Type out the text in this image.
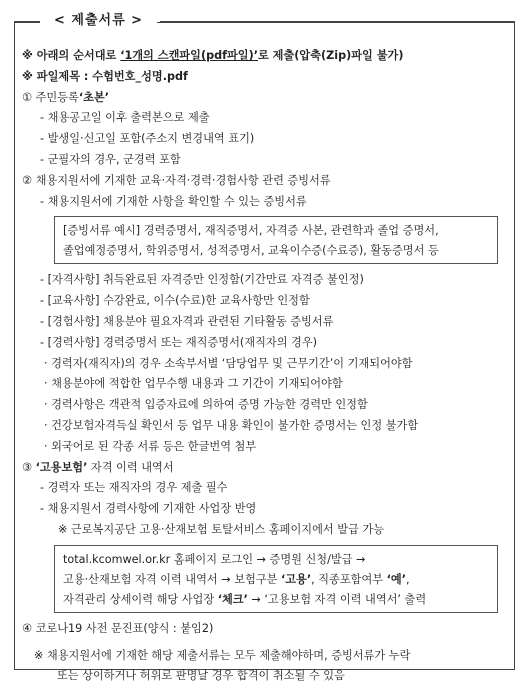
< 제출서류 >
※ 아래의 순서대로 ‘1개의 스캔파일(pdf파일)’로 제출(압축(Zip)파일 불가)
※ 파일제목 : 수험번호_성명.pdf
① 주민등록‘초본’
- 채용공고일 이후 출력본으로 제출
- 발생일·신고일 포함(주소지 변경내역 표기)
- 군필자의 경우, 군경력 포함
② 채용지원서에 기재한 교육·자격·경력·경험사항 관련 증빙서류
- 채용지원서에 기재한 사항을 확인할 수 있는 증빙서류
[증빙서류 예시] 경력증명서, 재직증명서, 자격증 사본, 관련학과 졸업 증명서,
졸업예정증명서, 학위증명서, 성적증명서, 교육이수증(수료증), 활동증명서 등
- [자격사항] 취득완료된 자격증만 인정함(기간만료 자격증 불인정)
- [교육사항] 수강완료, 이수(수료)한 교육사항만 인정함
- [경험사항] 채용분야 필요자격과 관련된 기타활동 증빙서류
- [경력사항] 경력증명서 또는 재직증명서(재직자의 경우)
· 경력자(재직자)의 경우 소속부서별 ‘담당업무 및 근무기간’이 기재되어야함
· 채용분야에 적합한 업무수행 내용과 그 기간이 기재되어야함
· 경력사항은 객관적 입증자료에 의하여 증명 가능한 경력만 인정함
· 건강보험자격득실 확인서 등 업무 내용 확인이 불가한 증명서는 인정 불가함
· 외국어로 된 각종 서류 등은 한글번역 첨부
③ ‘고용보험’ 자격 이력 내역서
- 경력자 또는 재직자의 경우 제출 필수
- 채용지원서 경력사항에 기재한 사업장 반영
※ 근로복지공단 고용·산재보험 토탈서비스 홈페이지에서 발급 가능
total.kcomwel.or.kr 홈페이지 로그인 → 증명원 신청/발급 →
고용·산재보험 자격 이력 내역서 → 보험구분 ‘고용’, 직종포함여부 ‘예’,
자격관리 상세이력 해당 사업장 ‘체크’ → ‘고용보험 자격 이력 내역서’ 출력
④ 코로나19 사전 문진표(양식 : 붙임2)
※ 채용지원서에 기재한 해당 제출서류는 모두 제출해야하며, 증빙서류가 누락
또는 상이하거나 허위로 판명날 경우 합격이 취소될 수 있음
